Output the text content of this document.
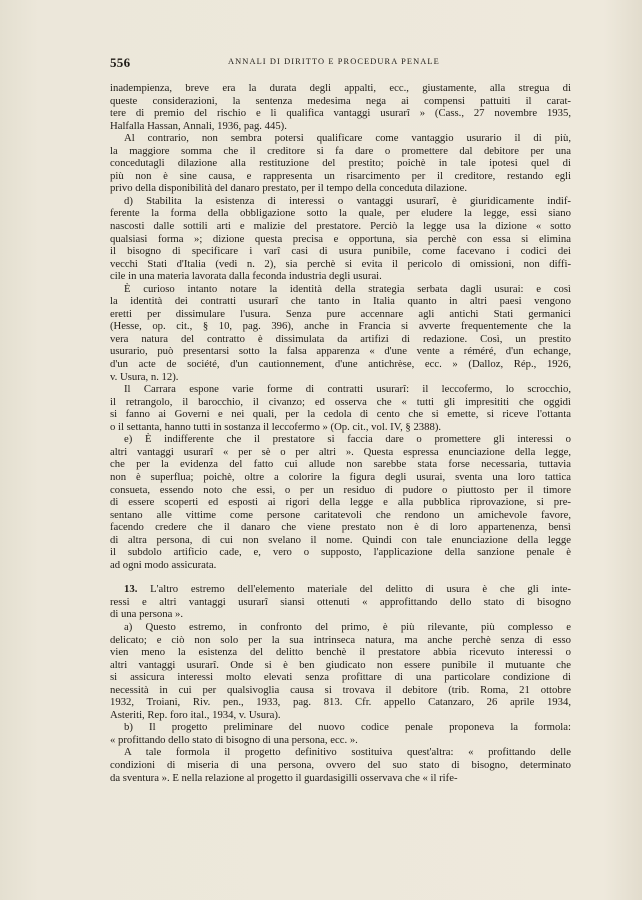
556	ANNALI DI DIRITTO E PROCEDURA PENALE

inadempienza, breve era la durata degli appalti, ecc., giustamente, alla stregua di

queste considerazioni, la sentenza medesima nega ai compensi pattuiti il carat-

tere di premio del rischio e li qualifica vantaggi usurarî » (Cass., 27 novembre 1935,

Halfalla Hassan, Annali, 1936, pag. 445).

Al contrario, non sembra potersi qualificare come vantaggio usurario il di più,

la maggiore somma che il creditore si fa dare o promettere dal debitore per una

concedutagli dilazione alla restituzione del prestito; poichè in tale ipotesi quel di

più non è sine causa, e rappresenta un risarcimento per il creditore, restando egli

privo della disponibilità del danaro prestato, per il tempo della conceduta dilazione.

d) Stabilita la esistenza di interessi o vantaggi usurarî, è giuridicamente indif-

ferente la forma della obbligazione sotto la quale, per eludere la legge, essi siano

nascosti dalle sottili arti e malizie del prestatore. Perciò la legge usa la dizione « sotto

qualsiasi forma »; dizione questa precisa e opportuna, sia perchè con essa si elimina

il bisogno di specificare i varî casi di usura punibile, come facevano i codici dei

vecchi Stati d'Italia (vedi n. 2), sia perchè si evita il pericolo di omissioni, non diffi-

cile in una materia lavorata dalla feconda industria degli usurai.

È curioso intanto notare la identità della strategia serbata dagli usurai: e così

la identità dei contratti usurarî che tanto in Italia quanto in altri paesi vengono

eretti per dissimulare l'usura. Senza pure accennare agli antichi Stati germanici

(Hesse, op. cit., § 10, pag. 396), anche in Francia si avverte frequentemente che la

vera natura del contratto è dissimulata da artifizi di redazione. Così, un prestito

usurario, può presentarsi sotto la falsa apparenza « d'une vente a réméré, d'un echange,

d'un acte de société, d'un cautionnement, d'une antichrèse, ecc. » (Dalloz, Rép., 1926,

v. Usura, n. 12).

Il Carrara espone varie forme di contratti usurarî: il leccofermo, lo scrocchio,

il retrangolo, il barocchio, il civanzo; ed osserva che « tutti gli impresititi che oggidì

si fanno ai Governi e nei quali, per la cedola di cento che si emette, si riceve l'ottanta

o il settanta, hanno tutti in sostanza il leccofermo » (Op. cit., vol. IV, § 2388).

e) È indifferente che il prestatore si faccia dare o promettere gli interessi o

altri vantaggi usurarî « per sè o per altri ». Questa espressa enunciazione della legge,

che per la evidenza del fatto cui allude non sarebbe stata forse necessaria, tuttavia

non è superflua; poichè, oltre a colorire la figura degli usurai, sventa una loro tattica

consueta, essendo noto che essi, o per un residuo di pudore o piuttosto per il timore

di essere scoperti ed esposti ai rigori della legge e alla pubblica riprovazione, si pre-

sentano alle vittime come persone caritatevoli che rendono un amichevole favore,

facendo credere che il danaro che viene prestato non è di loro appartenenza, bensì

di altra persona, di cui non svelano il nome. Quindi con tale enunciazione della legge

il subdolo artificio cade, e, vero o supposto, l'applicazione della sanzione penale è

ad ogni modo assicurata.

13. L'altro estremo dell'elemento materiale del delitto di usura è che gli inte-

ressi e altri vantaggi usurarî siansi ottenuti « approfittando dello stato di bisogno

di una persona ».

a) Questo estremo, in confronto del primo, è più rilevante, più complesso e

delicato; e ciò non solo per la sua intrinseca natura, ma anche perchè senza di esso

vien meno la esistenza del delitto benchè il prestatore abbia ricevuto interessi o

altri vantaggi usurarî. Onde si è ben giudicato non essere punibile il mutuante che

si assicura interessi molto elevati senza profittare di una particolare condizione di

necessità in cui per qualsivoglia causa si trovava il debitore (trib. Roma, 21 ottobre

1932, Troiani, Riv. pen., 1933, pag. 813. Cfr. appello Catanzaro, 26 aprile 1934,

Asteriti, Rep. foro ital., 1934, v. Usura).

b) Il progetto preliminare del nuovo codice penale proponeva la formola:

« profittando dello stato di bisogno di una persona, ecc. ».

A tale formola il progetto definitivo sostituiva quest'altra: « profittando delle

condizioni di miseria di una persona, ovvero del suo stato di bisogno, determinato

da sventura ». E nella relazione al progetto il guardasigilli osservava che « il rife-
